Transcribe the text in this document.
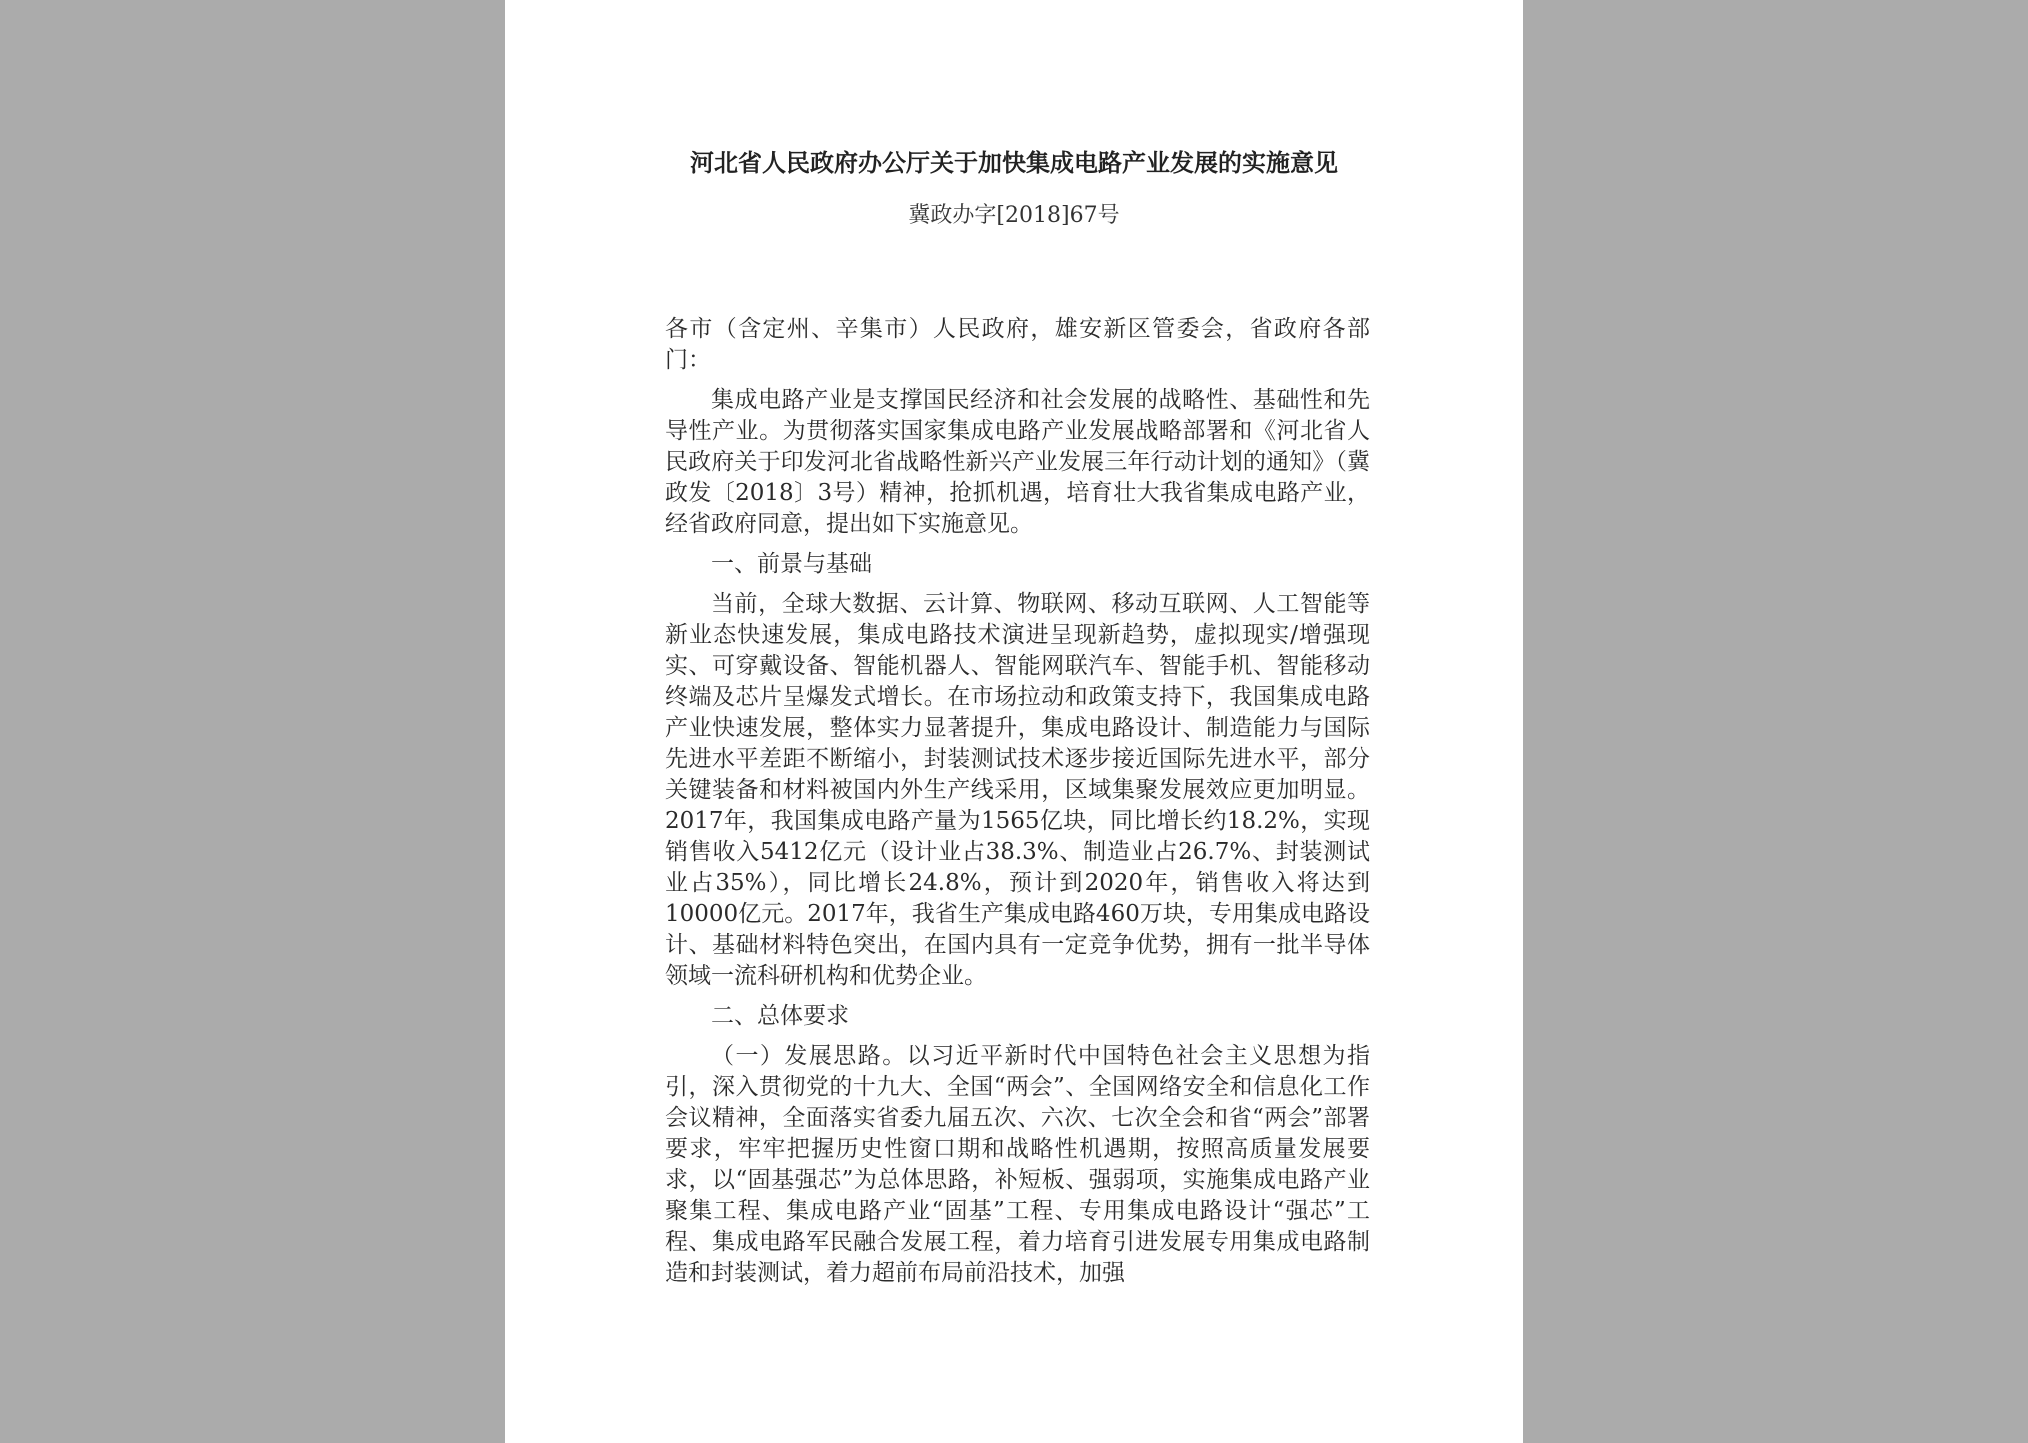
河北省人民政府办公厅关于加快集成电路产业发展的实施意见
冀政办字[2018]67号

各市（含定州、辛集市）人民政府，雄安新区管委会，省政府各部门：

集成电路产业是支撑国民经济和社会发展的战略性、基础性和先导性产业。为贯彻落实国家集成电路产业发展战略部署和《河北省人民政府关于印发河北省战略性新兴产业发展三年行动计划的通知》（冀政发〔2018〕3号）精神，抢抓机遇，培育壮大我省集成电路产业，经省政府同意，提出如下实施意见。

一、前景与基础

当前，全球大数据、云计算、物联网、移动互联网、人工智能等新业态快速发展，集成电路技术演进呈现新趋势，虚拟现实/增强现实、可穿戴设备、智能机器人、智能网联汽车、智能手机、智能移动终端及芯片呈爆发式增长。在市场拉动和政策支持下，我国集成电路产业快速发展，整体实力显著提升，集成电路设计、制造能力与国际先进水平差距不断缩小，封装测试技术逐步接近国际先进水平，部分关键装备和材料被国内外生产线采用，区域集聚发展效应更加明显。2017年，我国集成电路产量为1565亿块，同比增长约18.2%，实现销售收入5412亿元（设计业占38.3%、制造业占26.7%、封装测试业占35%），同比增长24.8%，预计到2020年，销售收入将达到10000亿元。2017年，我省生产集成电路460万块，专用集成电路设计、基础材料特色突出，在国内具有一定竞争优势，拥有一批半导体领域一流科研机构和优势企业。

二、总体要求

（一）发展思路。以习近平新时代中国特色社会主义思想为指引，深入贯彻党的十九大、全国“两会”、全国网络安全和信息化工作会议精神，全面落实省委九届五次、六次、七次全会和省“两会”部署要求，牢牢把握历史性窗口期和战略性机遇期，按照高质量发展要求，以“固基强芯”为总体思路，补短板、强弱项，实施集成电路产业聚集工程、集成电路产业“固基”工程、专用集成电路设计“强芯”工程、集成电路军民融合发展工程，着力培育引进发展专用集成电路制造和封装测试，着力超前布局前沿技术，加强
